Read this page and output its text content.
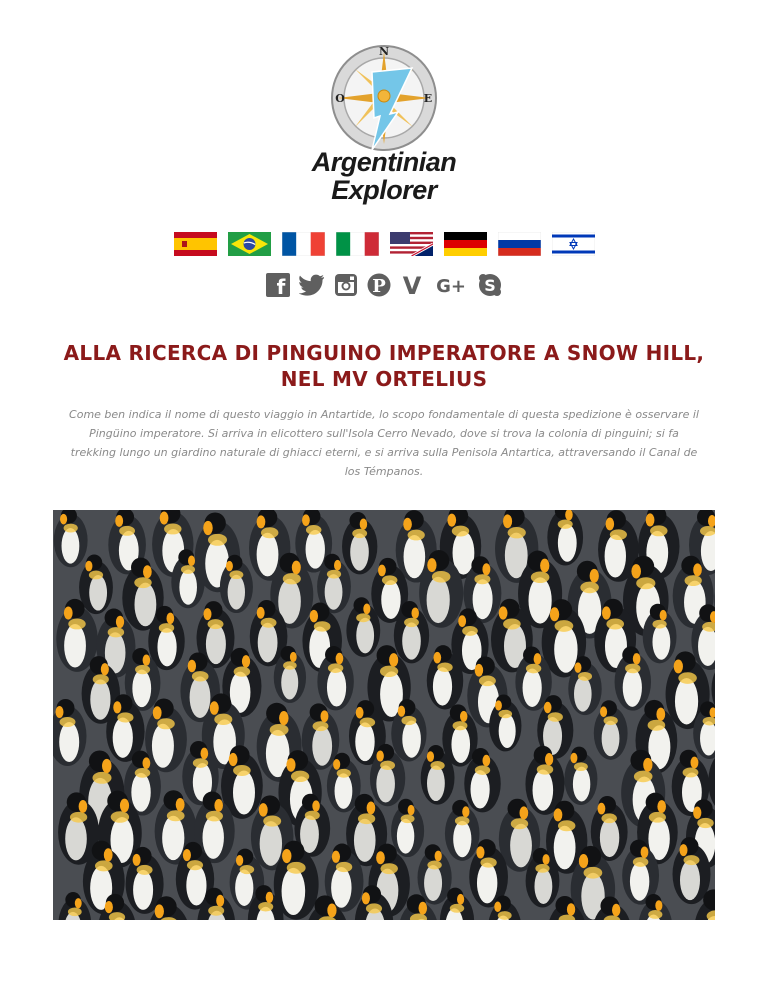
N
O	E
Argentinian
Explorer
f	P V G+ S
ALLA RICERCA DI PINGUINO IMPERATORE A SNOW HILL, NEL MV ORTELIUS

Come ben indica il nome di questo viaggio in Antartide, lo scopo fondamentale di questa spedizione è osservare il Pingüino imperatore. Si arriva in elicottero sull'Isola Cerro Nevado, dove si trova la colonia di pinguini; si fa trekking lungo un giardino naturale di ghiacci eterni, e si arriva sulla Penisola Antartica, attraversando il Canal de los Témpanos.
